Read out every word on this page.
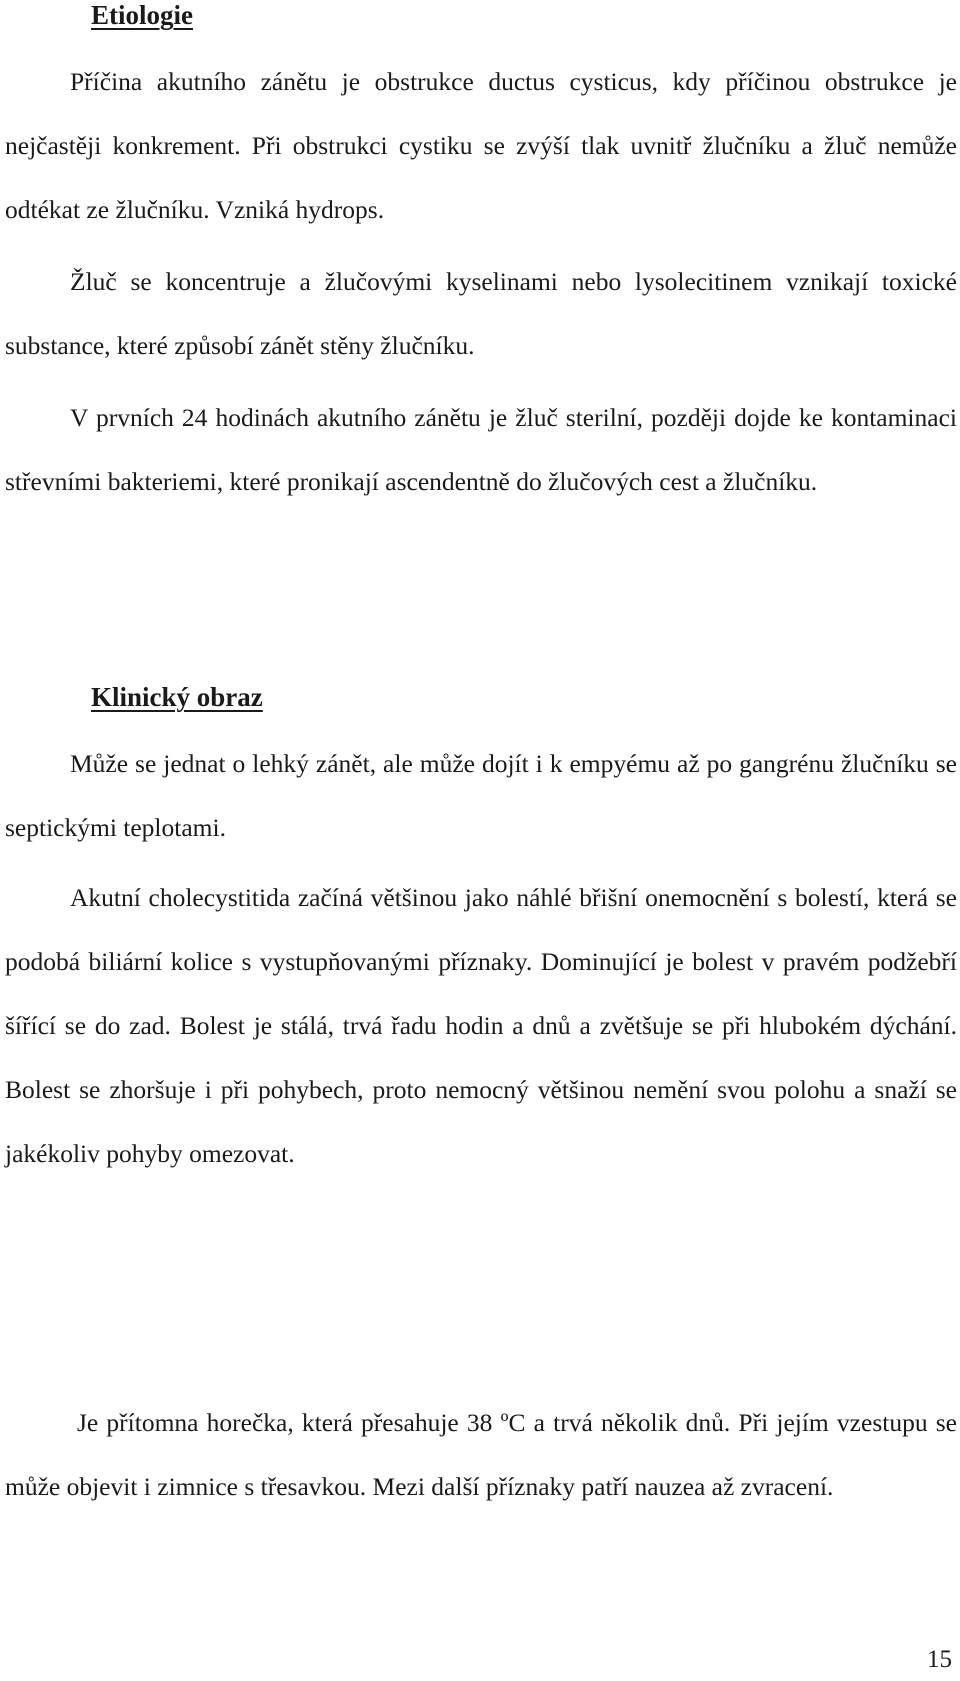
Etiologie

Příčina akutního zánětu je obstrukce ductus cysticus, kdy příčinou obstrukce je nejčastěji konkrement. Při obstrukci cystiku se zvýší tlak uvnitř žlučníku a žluč nemůže odtékat ze žlučníku. Vzniká hydrops.

Žluč se koncentruje a žlučovými kyselinami nebo lysolecitinem vznikají toxické substance, které způsobí zánět stěny žlučníku.

V prvních 24 hodinách akutního zánětu je žluč sterilní, později dojde ke kontaminaci střevními bakteriemi, které pronikají ascendentně do žlučových cest a žlučníku.

Klinický obraz

Může se jednat o lehký zánět, ale může dojít i k empyému až po gangrénu žlučníku se septickými teplotami.

Akutní cholecystitida začíná většinou jako náhlé břišní onemocnění s bolestí, která se podobá biliární kolice s vystupňovanými příznaky. Dominující je bolest v pravém podžebří šířící se do zad. Bolest je stálá, trvá řadu hodin a dnů a zvětšuje se při hlubokém dýchání. Bolest se zhoršuje i při pohybech, proto nemocný většinou nemění svou polohu a snaží se jakékoliv pohyby omezovat.

Je přítomna horečka, která přesahuje 38 ºC a trvá několik dnů. Při jejím vzestupu se může objevit i zimnice s třesavkou. Mezi další příznaky patří nauzea až zvracení.

15
